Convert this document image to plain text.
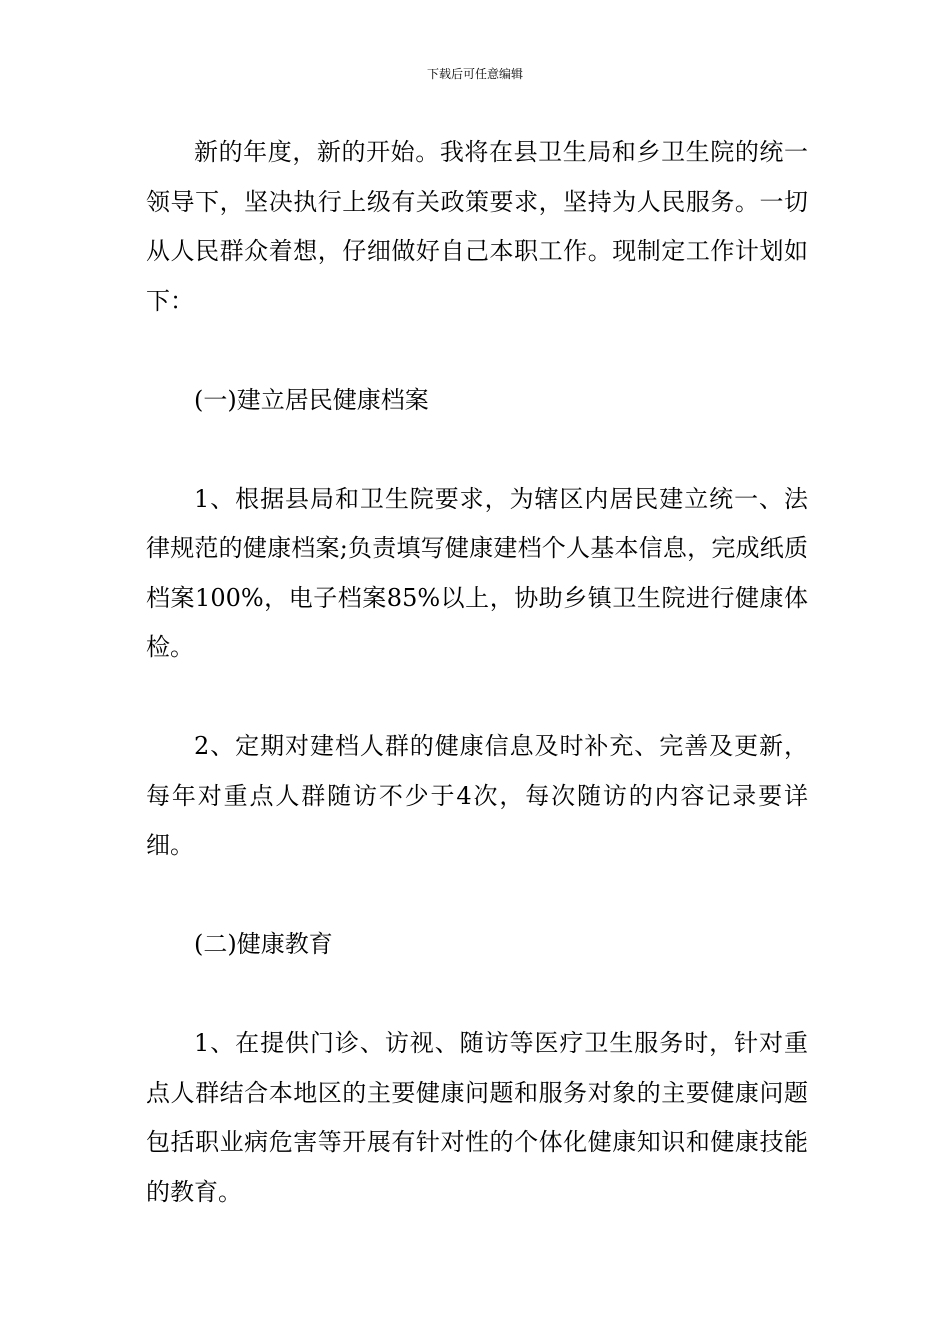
下载后可任意编辑

新的年度，新的开始。我将在县卫生局和乡卫生院的统一领导下，坚决执行上级有关政策要求，坚持为人民服务。一切从人民群众着想，仔细做好自己本职工作。现制定工作计划如下：

(一)建立居民健康档案

1、根据县局和卫生院要求，为辖区内居民建立统一、法律规范的健康档案;负责填写健康建档个人基本信息，完成纸质档案100%，电子档案85%以上，协助乡镇卫生院进行健康体检。

2、定期对建档人群的健康信息及时补充、完善及更新，每年对重点人群随访不少于4次，每次随访的内容记录要详细。

(二)健康教育

1、在提供门诊、访视、随访等医疗卫生服务时，针对重点人群结合本地区的主要健康问题和服务对象的主要健康问题包括职业病危害等开展有针对性的个体化健康知识和健康技能的教育。
